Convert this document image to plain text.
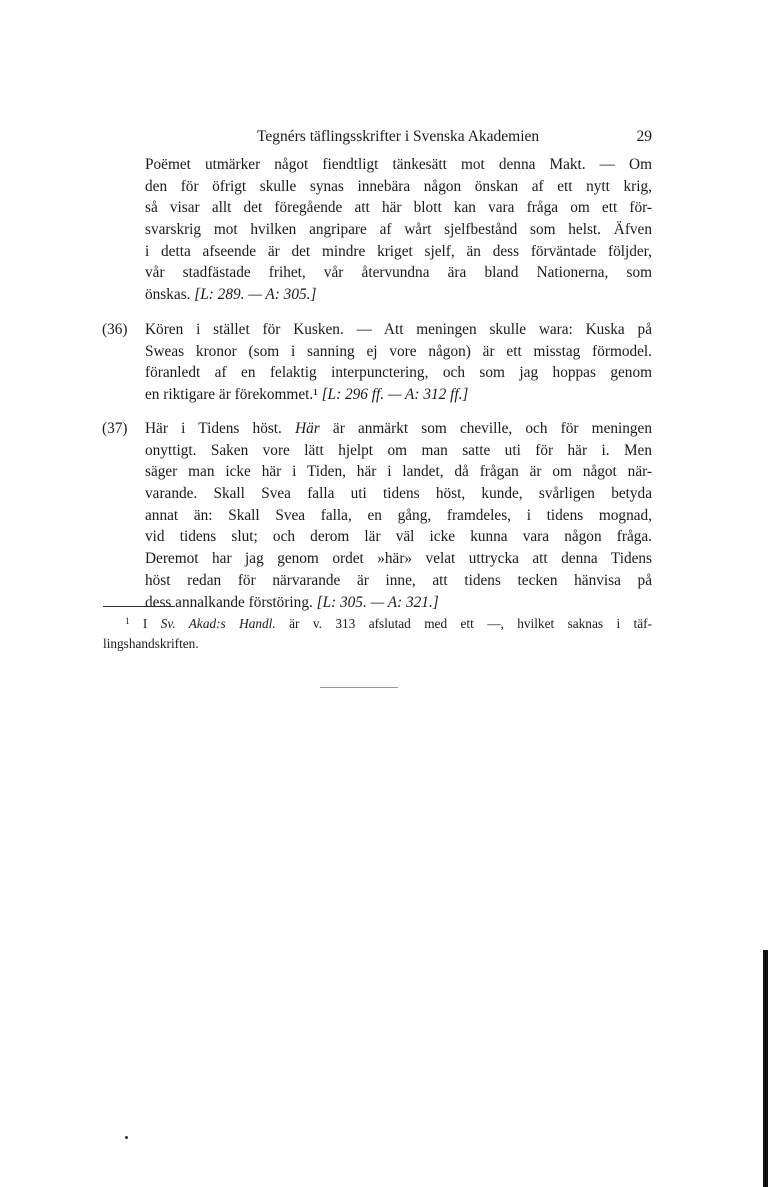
Tegnérs täflingsskrifter i Svenska Akademien	29
Poëmet utmärker något fiendtligt tänkesätt mot denna Makt. — Om
den för öfrigt skulle synas innebära någon önskan af ett nytt krig,
så visar allt det föregående att här blott kan vara fråga om ett för-
svarskrig mot hvilken angripare af wårt sjelfbestånd som helst. Äfven
i detta afseende är det mindre kriget sjelf, än dess förväntade följder,
vår stadfästade frihet, vår återvundna ära bland Nationerna, som
önskas. [L: 289. — A: 305.]
(36) Kören i stället för Kusken. — Att meningen skulle wara: Kuska på
Sweas kronor (som i sanning ej vore någon) är ett misstag förmodel.
föranledt af en felaktig interpunctering, och som jag hoppas genom
en riktigare är förekommet.¹ [L: 296 ff. — A: 312 ff.]
(37) Här i Tidens höst. Här är anmärkt som cheville, och för meningen
onyttigt. Saken vore lätt hjelpt om man satte uti för här i. Men
säger man icke här i Tiden, här i landet, då frågan är om något när-
varande. Skall Svea falla uti tidens höst, kunde, svårligen betyda
annat än: Skall Svea falla, en gång, framdeles, i tidens mognad,
vid tidens slut; och derom lär väl icke kunna vara någon fråga.
Deremot har jag genom ordet »här» velat uttrycka att denna Tidens
höst redan för närvarande är inne, att tidens tecken hänvisa på
dess annalkande förstöring. [L: 305. — A: 321.]
$^1$ I Sv. Akad:s Handl. är v. 313 afslutad med ett —, hvilket saknas i täf-
lingshandskriften.
